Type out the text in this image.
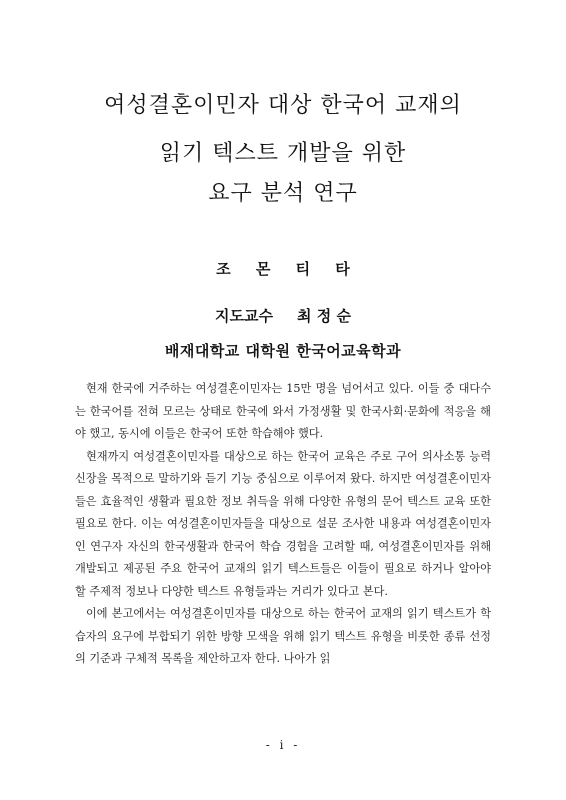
여성결혼이민자 대상 한국어 교재의
읽기 텍스트 개발을 위한
요구 분석 연구
조 몬 티 타
지도교수 최 정 순
배재대학교 대학원 한국어교육학과

현재 한국에 거주하는 여성결혼이민자는 15만 명을 넘어서고 있다. 이들 중 대다수는 한국어를 전혀 모르는 상태로 한국에 와서 가정생활 및 한국사회·문화에 적응을 해야 했고, 동시에 이들은 한국어 또한 학습해야 했다.

현재까지 여성결혼이민자를 대상으로 하는 한국어 교육은 주로 구어 의사소통 능력 신장을 목적으로 말하기와 듣기 기능 중심으로 이루어져 왔다. 하지만 여성결혼이민자들은 효율적인 생활과 필요한 정보 취득을 위해 다양한 유형의 문어 텍스트 교육 또한 필요로 한다. 이는 여성결혼이민자들을 대상으로 설문 조사한 내용과 여성결혼이민자인 연구자 자신의 한국생활과 한국어 학습 경험을 고려할 때, 여성결혼이민자를 위해 개발되고 제공된 주요 한국어 교재의 읽기 텍스트들은 이들이 필요로 하거나 알아야 할 주제적 정보나 다양한 텍스트 유형들과는 거리가 있다고 본다.

이에 본고에서는 여성결혼이민자를 대상으로 하는 한국어 교재의 읽기 텍스트가 학습자의 요구에 부합되기 위한 방향 모색을 위해 읽기 텍스트 유형을 비롯한 종류 선정의 기준과 구체적 목록을 제안하고자 한다. 나아가 읽

- i -
